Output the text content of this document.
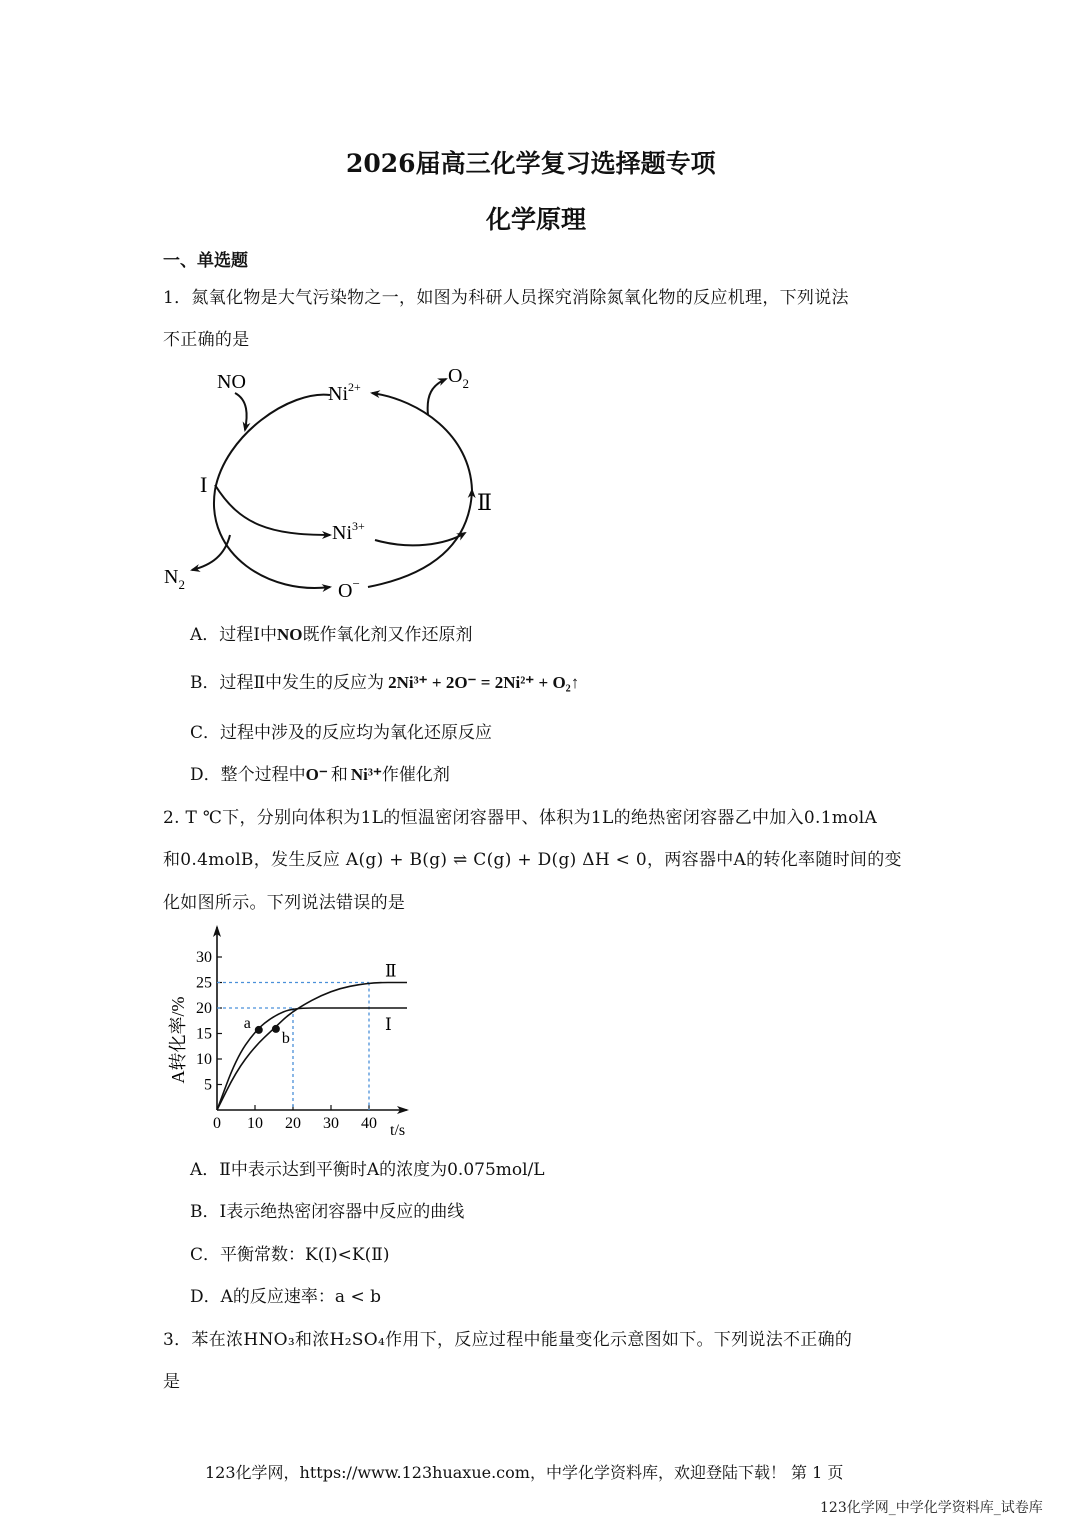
2026届高三化学复习选择题专项
化学原理
一、单选题
1．氮氧化物是大气污染物之一，如图为科研人员探究消除氮氧化物的反应机理，下列说法
不正确的是
NO
$Ni^{2+}$	$O_2$
I
Ⅱ
$Ni^{3+}$
$N_2$	O−
A．过程Ⅰ中NO既作氧化剂又作还原剂
B．过程Ⅱ中发生的反应为 2Ni³⁺ + 2O⁻ = 2Ni²⁺ + O₂↑
C．过程中涉及的反应均为氧化还原反应
D．整个过程中O⁻ 和 Ni³⁺作催化剂
2. T ℃下，分别向体积为1L的恒温密闭容器甲、体积为1L的绝热密闭容器乙中加入0.1molA
和0.4molB，发生反应 A(g) + B(g) ⇌ C(g) + D(g) ΔH < 0，两容器中A的转化率随时间的变
化如图所示。下列说法错误的是
0 10 20 30 40
5
10
15
20
25
30
Ⅰ
Ⅱ
a
b
A转化率/%
t/s
A．Ⅱ中表示达到平衡时A的浓度为0.075mol/L
B．Ⅰ表示绝热密闭容器中反应的曲线
C．平衡常数：K(Ⅰ)<K(Ⅱ)
D．A的反应速率：a < b
3．苯在浓HNO₃和浓H₂SO₄作用下，反应过程中能量变化示意图如下。下列说法不正确的
是
123化学网，https://www.123huaxue.com，中学化学资料库，欢迎登陆下载！ 第 1 页
123化学网_中学化学资料库_试卷库
